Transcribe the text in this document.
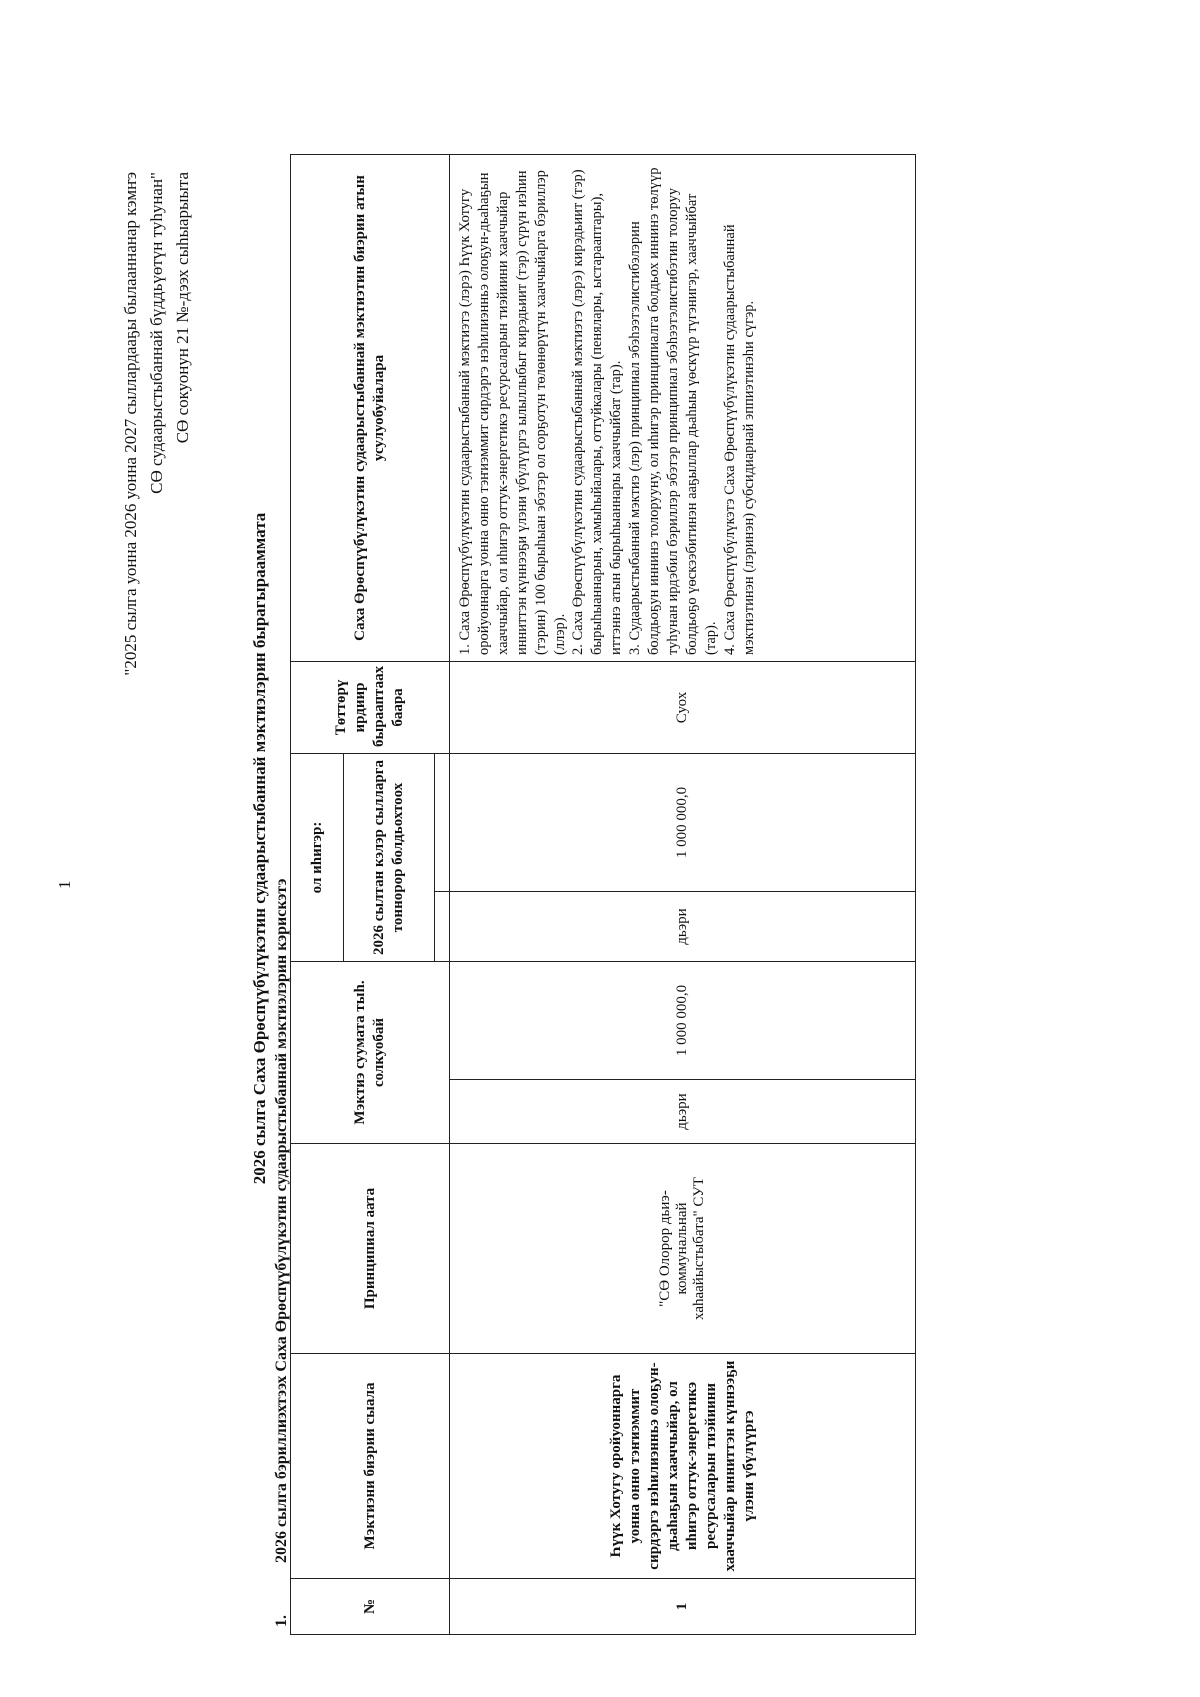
1
"2025 сылга уонна 2026 уонна 2027 сыллардааҕы былааннанар кэмҥэ СӨ судаарыстыбаннай бүддьүөтүн туһунан" СӨ сокуонун 21 №-дээх сыһыарыыта
2026 сылга Саха Өрөспүүбүлүкэтин судаарыстыбаннай мэктиэлэрин бырагырааммата
1.2026 сылга бэриллиэхтээх Саха Өрөспүүбүлүкэтин судаарыстыбаннай мэктиэлэрин кэрискэтэ
№	Мэктиэни биэрии сыала	Принципиал аата	Мэктиэ суумата тыһ. солкуобай		ол иһигэр:		Төттөрү ирдиир бырааптаах баара	Саха Өрөспүүбүлүкэтин судаарыстыбаннай мэктиэтин биэрии атын усулуобуйалара
					2026 сылтан кэлэр сылларга тоннорор болдьохтоох			

1	Һүүк Хотугу оройуоннарга уонна оннo тэҥиэммит сирдэргэ нэһилиэнньэ олоҕун-дьаһаҕын хааччыйар, ол иһигэр оттук-энергетикэ ресурсаларын тиэйиини хааччыйар инниттэн күннээҕи үлэни үбүлүүргэ	"СӨ Олорор дьиэ-коммунальнай хаһаайыстыбата" СУТ	дьэри	1 000 000,0	дьэри	1 000 000,0	Суох	1. Саха Өрөспүүбүлүкэтин судаарыстыбаннай мэктиэтэ (лэрэ) Һүүк Хотугу оройуоннарга уонна оннo тэҥиэммит сирдэргэ нэһилиэнньэ олоҕун-дьаһаҕын хааччыйар, ол иһигэр оттук-энергетикэ ресурсаларын тиэйиини хааччыйар инниттэн күннээҕи үлэни үбүлүүргэ ылыллыбыт кирэдьиит (тэр) сүрүн иэһин (тэрин) 100 бырыһыан эбэтэр ол сорҕотун төлөнөрүгүн хааччыйарга бэриллэр (ллэр). 2. Саха Өрөспүүбүлүкэтин судаарыстыбаннай мэктиэтэ (лэрэ) кирэдьиит (тэр) бырыһыаннарын, хамыһыйалары, оттуйкалары (пенялары, ыстарааптары), иттэннэ атын бырыһыаннары хааччыйбат (тар). 3. Судаарыстыбаннай мэктиэ (лэр) принципиал эбэһээтэлистибэлэрин болдьоҕун иннинэ толорууну, ол иһигэр принципиалга болдьох иннинэ төлүүр туһунан ирдэбил бэриллэр эбэтэр принципиал эбэһээтэлистибэтин толоруу болдьоҕо үөскээбитинэн ааҕыллар дьаһыы үөскүүр түгэнигэр, хааччыйбат (тар). 4. Саха Өрөспүүбүлүкэтэ Саха Өрөспүүбүлүкэтин судаарыстыбаннай мэктиэтинэн (лэринэн) субсидиарнай эппиэтинэһи сүгэр.
